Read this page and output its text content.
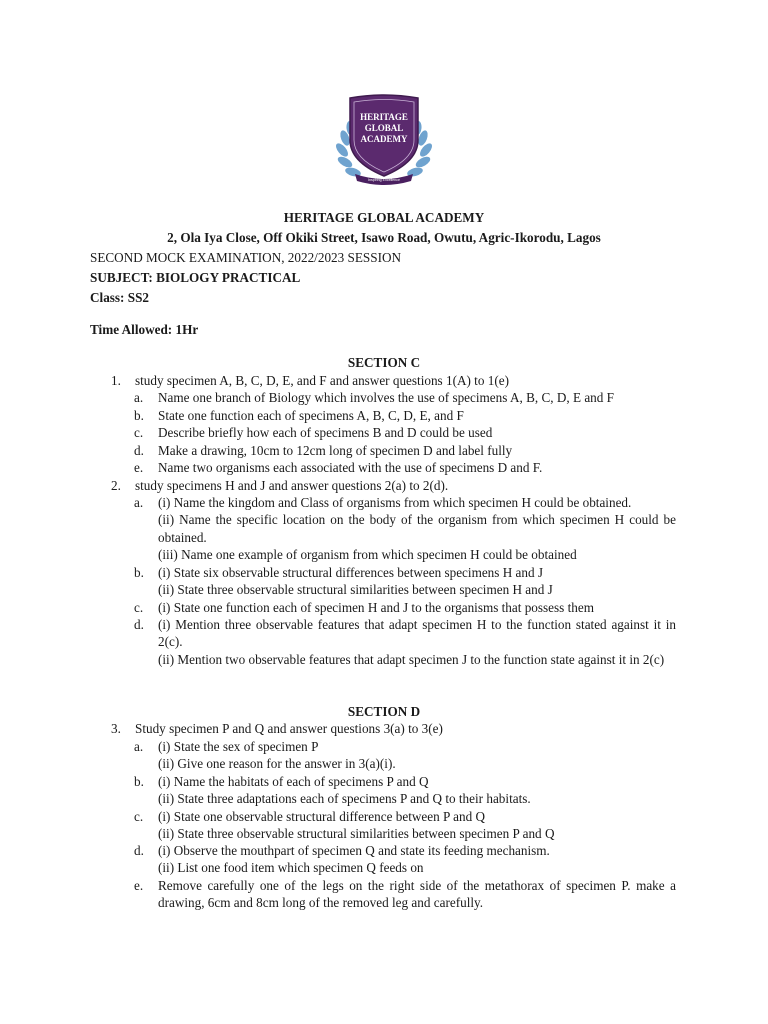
HERITAGE
GLOBAL
ACADEMY
Inspiring Excellence
HERITAGE GLOBAL ACADEMY
2, Ola Iya Close, Off Okiki Street, Isawo Road, Owutu, Agric-Ikorodu, Lagos
SECOND MOCK EXAMINATION, 2022/2023 SESSION
SUBJECT: BIOLOGY PRACTICAL
Class: SS2
Time Allowed: 1Hr
SECTION C
1.	study specimen A, B, C, D, E, and F and answer questions 1(A) to 1(e)
a. Name one branch of Biology which involves the use of specimens A, B, C, D, E and F
b. State one function each of specimens A, B, C, D, E, and F
c. Describe briefly how each of specimens B and D could be used
d. Make a drawing, 10cm to 12cm long of specimen D and label fully
e. Name two organisms each associated with the use of specimens D and F.
2.	study specimens H and J and answer questions 2(a) to 2(d).
a. (i) Name the kingdom and Class of organisms from which specimen H could be obtained.
(ii) Name the specific location on the body of the organism from which specimen H could be obtained.
(iii) Name one example of organism from which specimen H could be obtained
b. (i) State six observable structural differences between specimens H and J
(ii) State three observable structural similarities between specimen H and J
c. (i) State one function each of specimen H and J to the organisms that possess them
d. (i) Mention three observable features that adapt specimen H to the function stated against it in 2(c).
(ii) Mention two observable features that adapt specimen J to the function state against it in 2(c)
SECTION D
3.	Study specimen P and Q and answer questions 3(a) to 3(e)
a. (i) State the sex of specimen P
(ii) Give one reason for the answer in 3(a)(i).
b. (i) Name the habitats of each of specimens P and Q
(ii) State three adaptations each of specimens P and Q to their habitats.
c. (i) State one observable structural difference between P and Q
(ii) State three observable structural similarities between specimen P and Q
d. (i) Observe the mouthpart of specimen Q and state its feeding mechanism.
(ii) List one food item which specimen Q feeds on
e. Remove carefully one of the legs on the right side of the metathorax of specimen P. make a drawing, 6cm and 8cm long of the removed leg and carefully.
